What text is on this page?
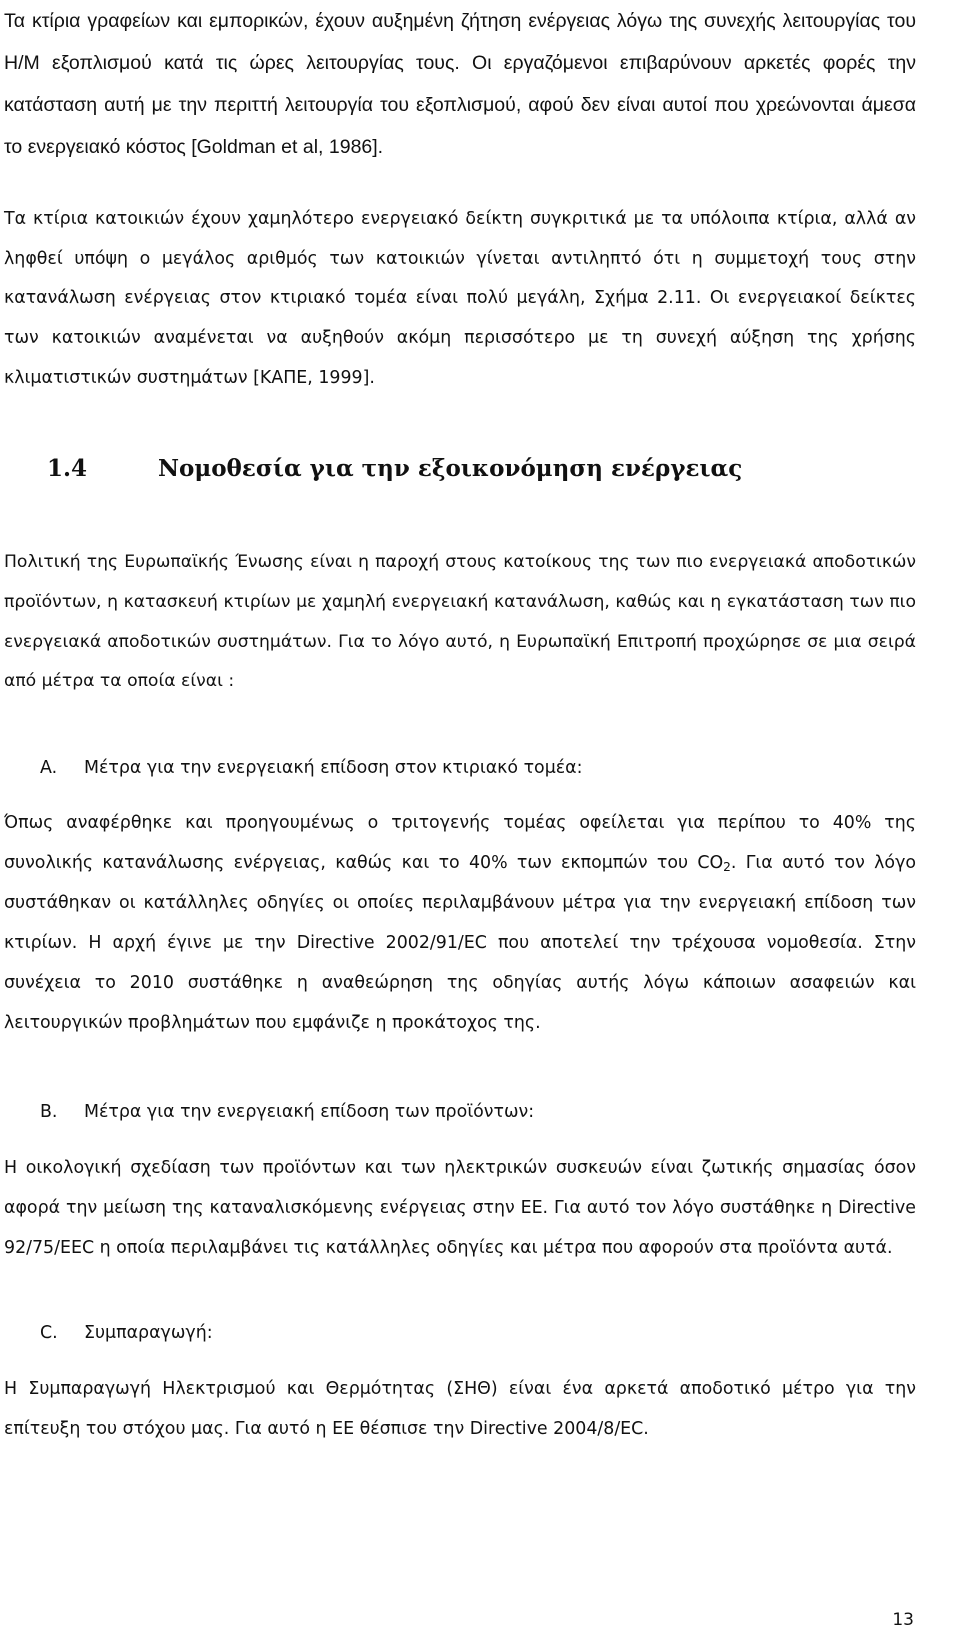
Τα κτίρια γραφείων και εμπορικών, έχουν αυξημένη ζήτηση ενέργειας λόγω της συνεχής λειτουργίας του Η/Μ εξοπλισμού κατά τις ώρες λειτουργίας τους. Οι εργαζόμενοι επιβαρύνουν αρκετές φορές την κατάσταση αυτή με την περιττή λειτουργία του εξοπλισμού, αφού δεν είναι αυτοί που χρεώνονται άμεσα το ενεργειακό κόστος [Goldman et al, 1986].

Τα κτίρια κατοικιών έχουν χαμηλότερο ενεργειακό δείκτη συγκριτικά με τα υπόλοιπα κτίρια, αλλά αν ληφθεί υπόψη ο μεγάλος αριθμός των κατοικιών γίνεται αντιληπτό ότι η συμμετοχή τους στην κατανάλωση ενέργειας στον κτιριακό τομέα είναι πολύ μεγάλη, Σχήμα 2.11. Οι ενεργειακοί δείκτες των κατοικιών αναμένεται να αυξηθούν ακόμη περισσότερο με τη συνεχή αύξηση της χρήσης κλιματιστικών συστημάτων [ΚΑΠΕ, 1999].

1.4	Νομοθεσία για την εξοικονόμηση ενέργειας

Πολιτική της Ευρωπαϊκής Ένωσης είναι η παροχή στους κατοίκους της των πιο ενεργειακά αποδοτικών προϊόντων, η κατασκευή κτιρίων με χαμηλή ενεργειακή κατανάλωση, καθώς και η εγκατάσταση των πιο ενεργειακά αποδοτικών συστημάτων. Για το λόγο αυτό, η Ευρωπαϊκή Επιτροπή προχώρησε σε μια σειρά από μέτρα τα οποία είναι :

A. Μέτρα για την ενεργειακή επίδοση στον κτιριακό τομέα:

Όπως αναφέρθηκε και προηγουμένως ο τριτογενής τομέας οφείλεται για περίπου το 40% της συνολικής κατανάλωσης ενέργειας, καθώς και το 40% των εκπομπών του $CO_2$. Για αυτό τον λόγο συστάθηκαν οι κατάλληλες οδηγίες οι οποίες περιλαμβάνουν μέτρα για την ενεργειακή επίδοση των κτιρίων. Η αρχή έγινε με την Directive 2002/91/EC που αποτελεί την τρέχουσα νομοθεσία. Στην συνέχεια το 2010 συστάθηκε η αναθεώρηση της οδηγίας αυτής λόγω κάποιων ασαφειών και λειτουργικών προβλημάτων που εμφάνιζε η προκάτοχος της.

B. Μέτρα για την ενεργειακή επίδοση των προϊόντων:

Η οικολογική σχεδίαση των προϊόντων και των ηλεκτρικών συσκευών είναι ζωτικής σημασίας όσον αφορά την μείωση της καταναλισκόμενης ενέργειας στην ΕΕ. Για αυτό τον λόγο συστάθηκε η Directive 92/75/EEC η οποία περιλαμβάνει τις κατάλληλες οδηγίες και μέτρα που αφορούν στα προϊόντα αυτά.

C. Συμπαραγωγή:

Η Συμπαραγωγή Ηλεκτρισμού και Θερμότητας (ΣΗΘ) είναι ένα αρκετά αποδοτικό μέτρο για την επίτευξη του στόχου μας. Για αυτό η ΕΕ θέσπισε την Directive 2004/8/EC.

13
